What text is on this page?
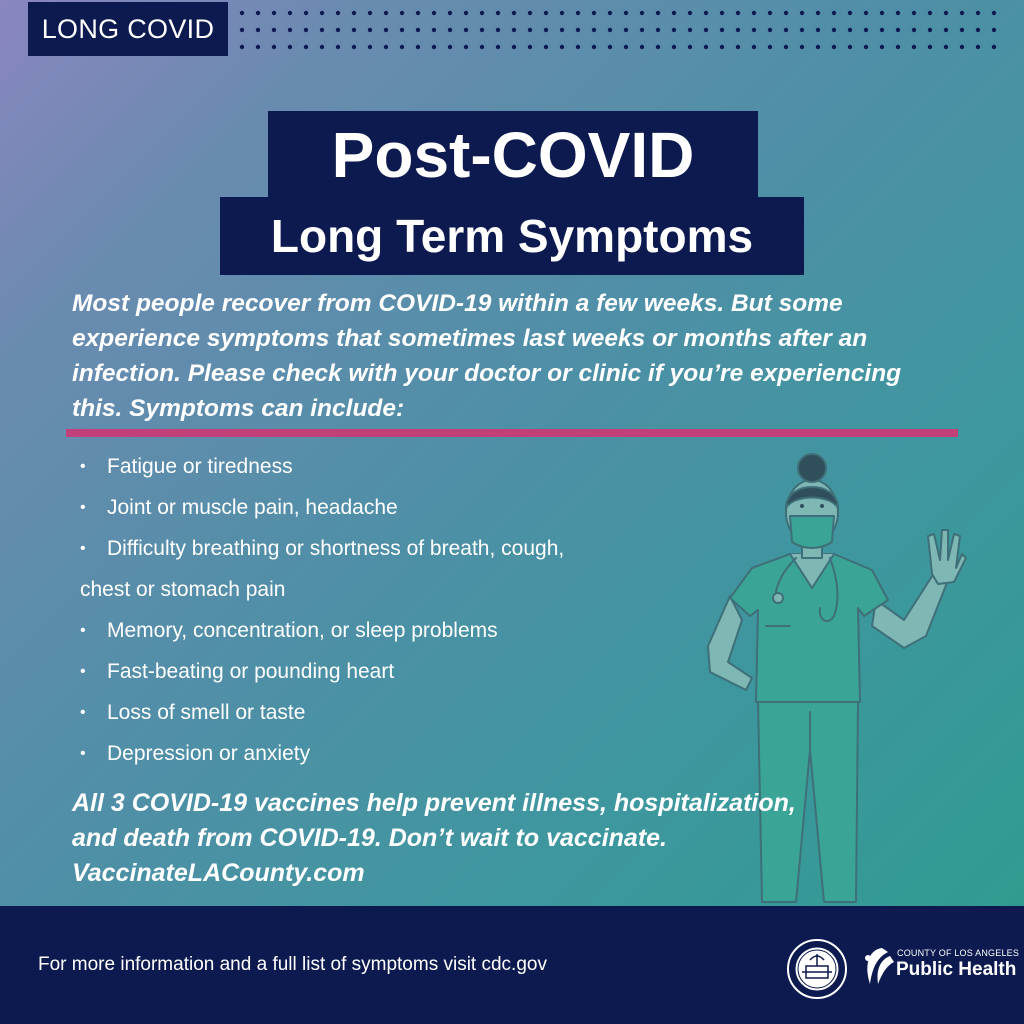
LONG COVID
Post-COVID
Long Term Symptoms
Most people recover from COVID-19 within a few weeks. But some experience symptoms that sometimes last weeks or months after an infection. Please check with your doctor or clinic if you’re experiencing this. Symptoms can include:
• Fatigue or tiredness
• Joint or muscle pain, headache
• Difficulty breathing or shortness of breath, cough,
chest or stomach pain
• Memory, concentration, or sleep problems
• Fast-beating or pounding heart
• Loss of smell or taste
• Depression or anxiety
All 3 COVID-19 vaccines help prevent illness, hospitalization,
and death from COVID-19. Don’t wait to vaccinate.
VaccinateLACounty.com
For more information and a full list of symptoms visit cdc.gov
COUNTY OF LOS ANGELES
Public Health
